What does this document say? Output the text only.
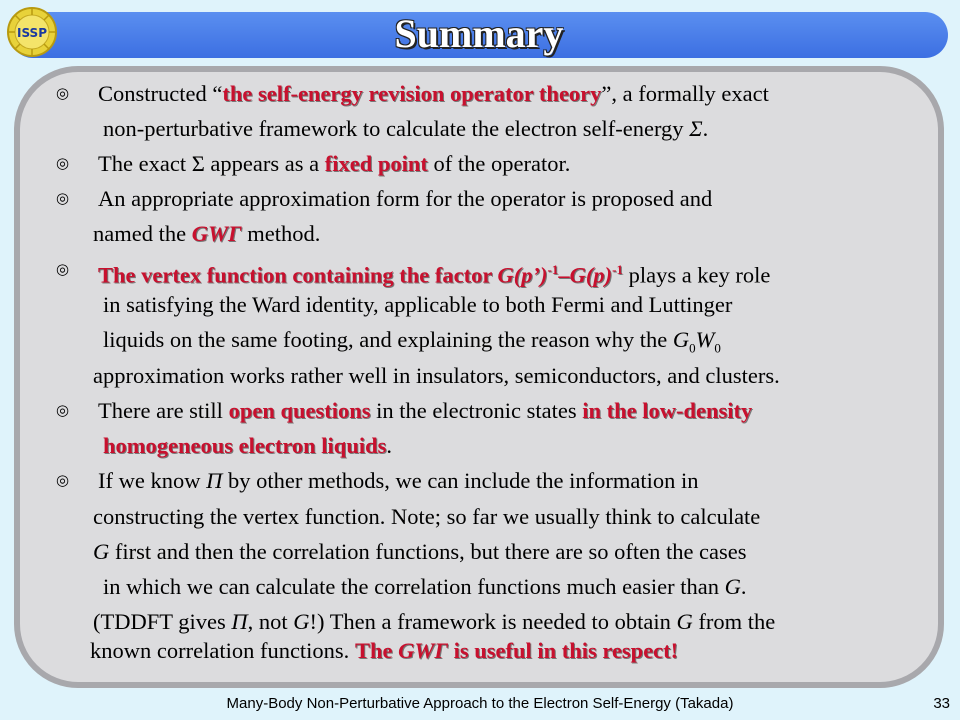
Summary
ISSP
◎ Constructed “the self-energy revision operator theory”, a formally exact
non-perturbative framework to calculate the electron self-energy Σ.
◎ The exact Σ appears as a fixed point of the operator.
◎ An appropriate approximation form for the operator is proposed and
named the GWΓ method.
◎ The vertex function containing the factor $G(p’)^{-1}-G(p)^{-1}$ plays a key role
in satisfying the Ward identity, applicable to both Fermi and Luttinger
liquids on the same footing, and explaining the reason why the $G_0W_0$
approximation works rather well in insulators, semiconductors, and clusters.
◎ There are still open questions in the electronic states in the low-density
homogeneous electron liquids.
◎ If we know Π by other methods, we can include the information in
constructing the vertex function. Note; so far we usually think to calculate
G first and then the correlation functions, but there are so often the cases
in which we can calculate the correlation functions much easier than G.
(TDDFT gives Π, not G!) Then a framework is needed to obtain G from the
known correlation functions. The GWΓ is useful in this respect!
Many-Body Non-Perturbative Approach to the Electron Self-Energy (Takada)	33
